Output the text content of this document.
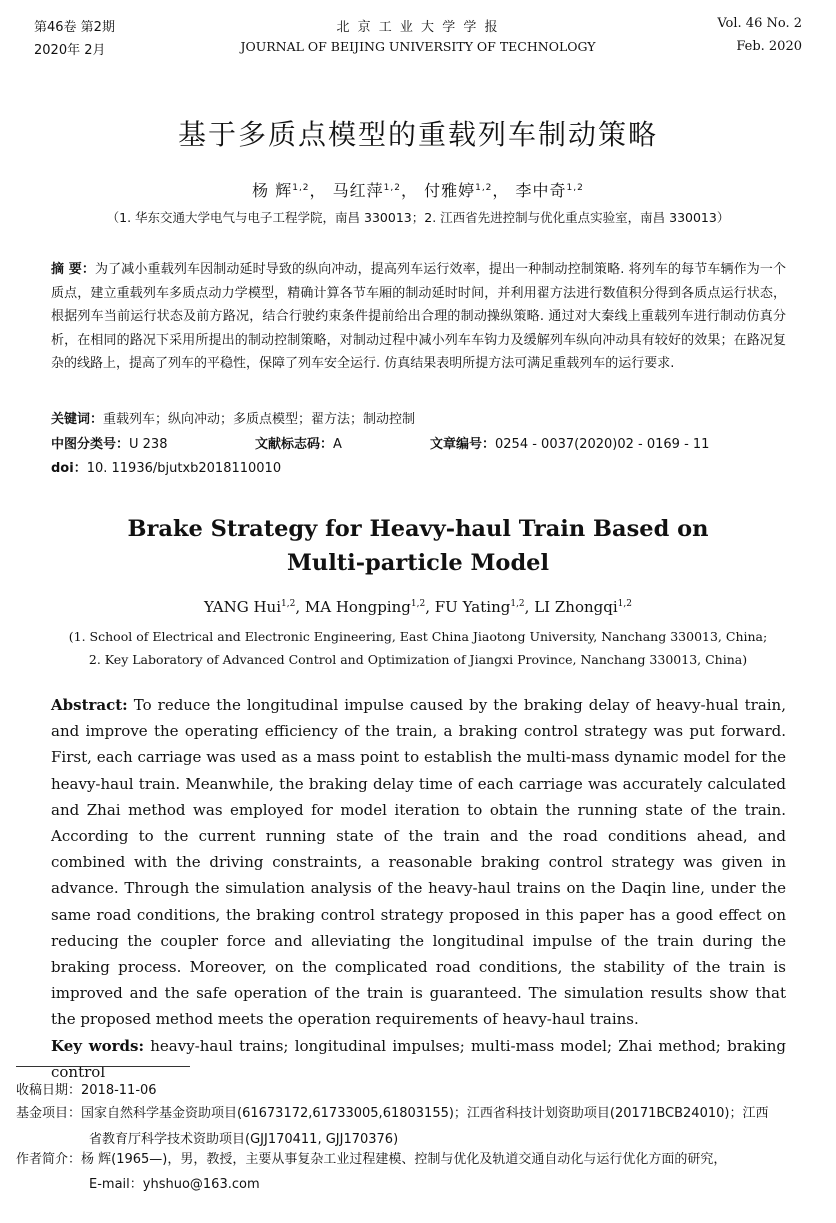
第46卷 第2期
2020年 2月
北 京 工 业 大 学 学 报
JOURNAL OF BEIJING UNIVERSITY OF TECHNOLOGY
Vol. 46 No. 2
Feb. 2020
基于多质点模型的重载列车制动策略
杨 辉$^{1,2}$， 马红萍$^{1,2}$， 付雅婷$^{1,2}$， 李中奇$^{1,2}$
（1. 华东交通大学电气与电子工程学院，南昌 330013；2. 江西省先进控制与优化重点实验室，南昌 330013）
摘 要：为了减小重载列车因制动延时导致的纵向冲动，提高列车运行效率，提出一种制动控制策略. 将列车的每节车辆作为一个质点，建立重载列车多质点动力学模型，精确计算各节车厢的制动延时时间，并利用翟方法进行数值积分得到各质点运行状态，根据列车当前运行状态及前方路况，结合行驶约束条件提前给出合理的制动操纵策略. 通过对大秦线上重载列车进行制动仿真分析，在相同的路况下采用所提出的制动控制策略，对制动过程中减小列车车钩力及缓解列车纵向冲动具有较好的效果；在路况复杂的线路上，提高了列车的平稳性，保障了列车安全运行. 仿真结果表明所提方法可满足重载列车的运行要求.
关键词：重载列车；纵向冲动；多质点模型；翟方法；制动控制
中图分类号：U 238	文献标志码：A	文章编号：0254 - 0037(2020)02 - 0169 - 11
doi：10. 11936/bjutxb2018110010
Brake Strategy for Heavy-haul Train Based on
Multi-particle Model
YANG Hui$^{1,2}$, MA Hongping$^{1,2}$, FU Yating$^{1,2}$, LI Zhongqi$^{1,2}$
(1. School of Electrical and Electronic Engineering, East China Jiaotong University, Nanchang 330013, China;
2. Key Laboratory of Advanced Control and Optimization of Jiangxi Province, Nanchang 330013, China)
Abstract: To reduce the longitudinal impulse caused by the braking delay of heavy-hual train, and improve the operating efficiency of the train, a braking control strategy was put forward. First, each carriage was used as a mass point to establish the multi-mass dynamic model for the heavy-haul train. Meanwhile, the braking delay time of each carriage was accurately calculated and Zhai method was employed for model iteration to obtain the running state of the train. According to the current running state of the train and the road conditions ahead, and combined with the driving constraints, a reasonable braking control strategy was given in advance. Through the simulation analysis of the heavy-haul trains on the Daqin line, under the same road conditions, the braking control strategy proposed in this paper has a good effect on reducing the coupler force and alleviating the longitudinal impulse of the train during the braking process. Moreover, on the complicated road conditions, the stability of the train is improved and the safe operation of the train is guaranteed. The simulation results show that the proposed method meets the operation requirements of heavy-haul trains.
Key words: heavy-haul trains; longitudinal impulses; multi-mass model; Zhai method; braking control
收稿日期：2018-11-06
基金项目：国家自然科学基金资助项目(61673172,61733005,61803155)；江西省科技计划资助项目(20171BCB24010)；江西
省教育厅科学技术资助项目(GJJ170411, GJJ170376)
作者简介：杨 辉(1965—)，男，教授，主要从事复杂工业过程建模、控制与优化及轨道交通自动化与运行优化方面的研究，
E-mail：yhshuo@163.com
